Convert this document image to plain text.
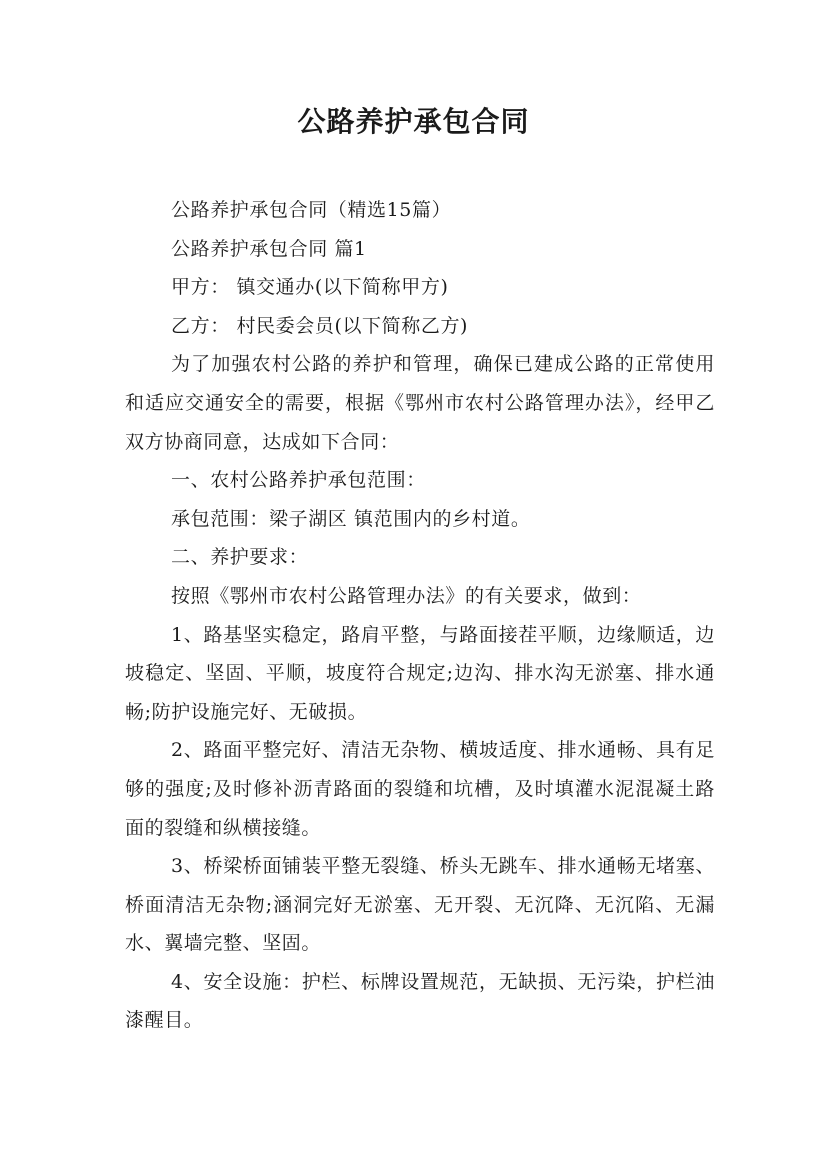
公路养护承包合同

公路养护承包合同（精选15篇）

公路养护承包合同 篇1

甲方： 镇交通办(以下简称甲方)

乙方： 村民委会员(以下简称乙方)

为了加强农村公路的养护和管理，确保已建成公路的正常使用和适应交通安全的需要，根据《鄂州市农村公路管理办法》，经甲乙双方协商同意，达成如下合同：

一、农村公路养护承包范围：

承包范围：梁子湖区 镇范围内的乡村道。

二、养护要求：

按照《鄂州市农村公路管理办法》的有关要求，做到：

1、路基坚实稳定，路肩平整，与路面接茬平顺，边缘顺适，边坡稳定、坚固、平顺，坡度符合规定;边沟、排水沟无淤塞、排水通畅;防护设施完好、无破损。

2、路面平整完好、清洁无杂物、横坡适度、排水通畅、具有足够的强度;及时修补沥青路面的裂缝和坑槽，及时填灌水泥混凝土路面的裂缝和纵横接缝。

3、桥梁桥面铺装平整无裂缝、桥头无跳车、排水通畅无堵塞、桥面清洁无杂物;涵洞完好无淤塞、无开裂、无沉降、无沉陷、无漏水、翼墙完整、坚固。

4、安全设施：护栏、标牌设置规范，无缺损、无污染，护栏油漆醒目。
